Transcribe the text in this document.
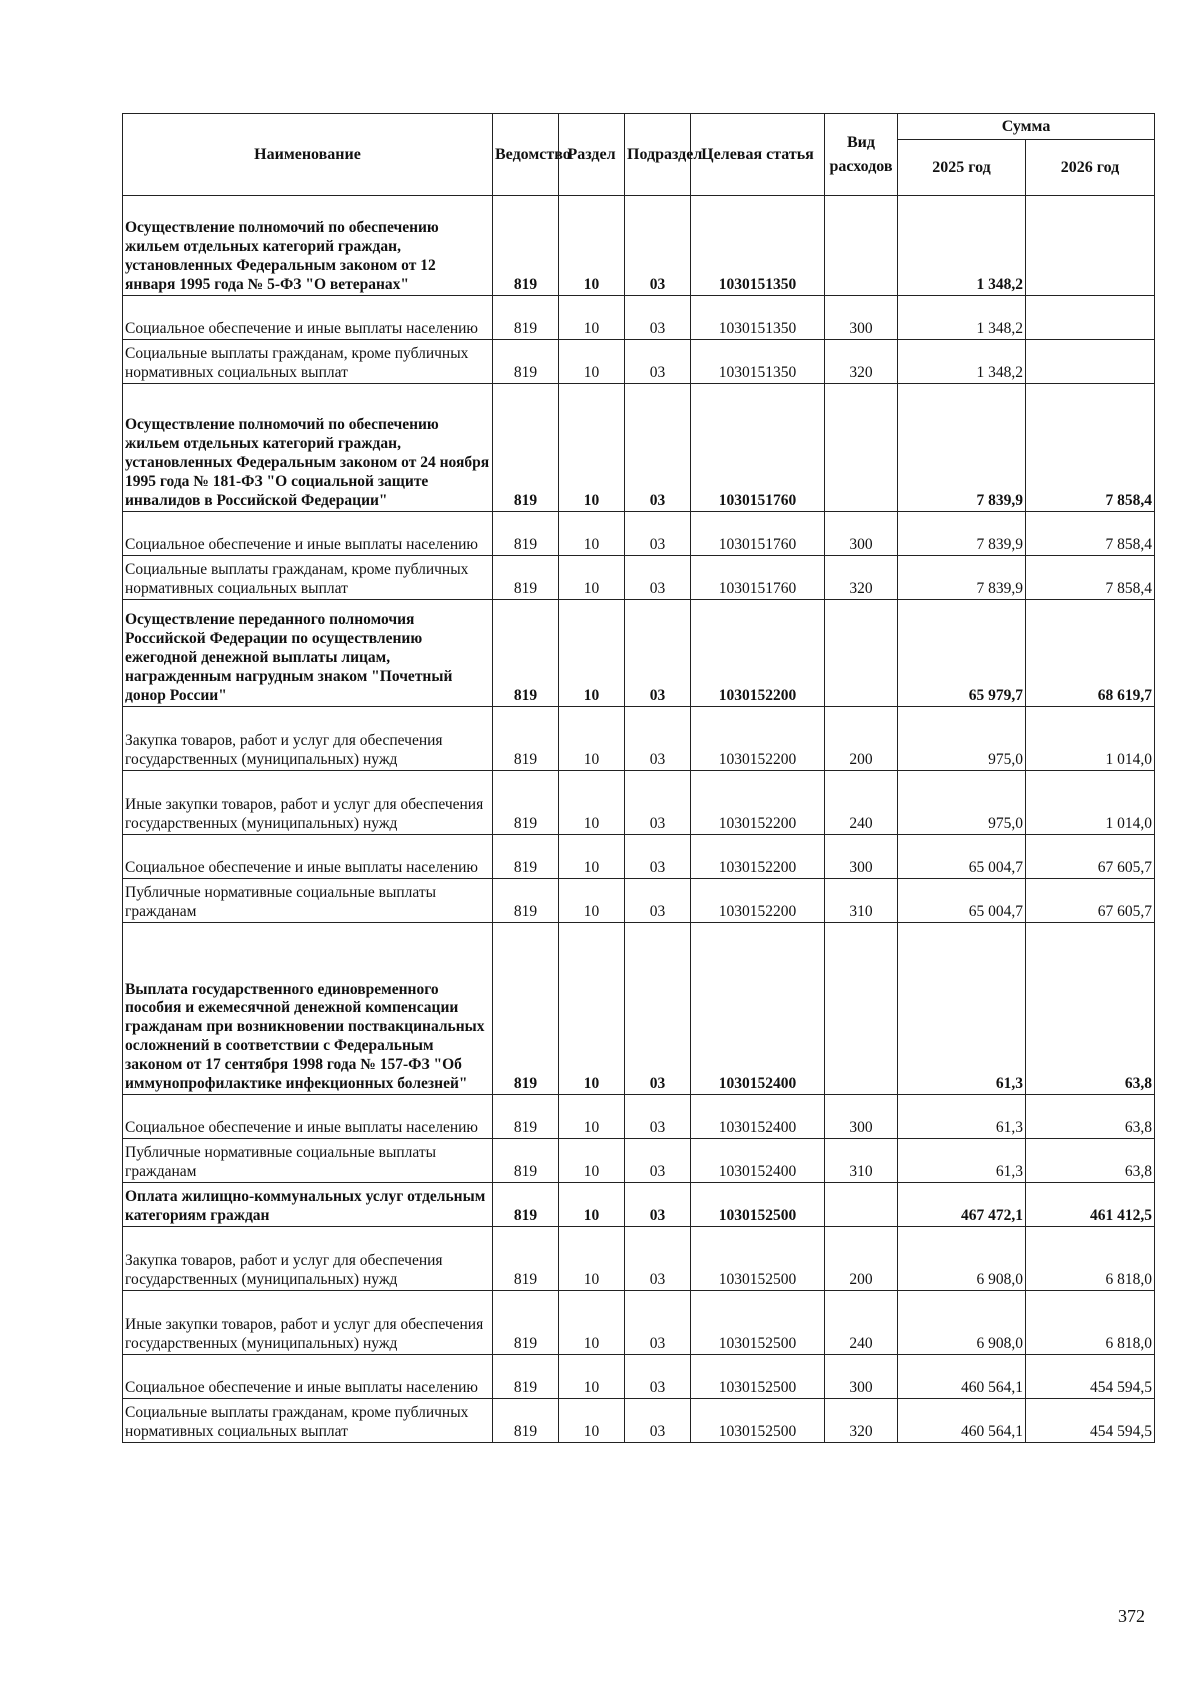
Наименование	Ведомство	Раздел	Подраздел	Целевая статья	Вид расходов	Сумма	
						2025 год	2026 год
Осуществление полномочий по обеспечению жильем отдельных категорий граждан, установленных Федеральным законом от 12 января 1995 года № 5-ФЗ "О ветеранах"	819	10	03	1030151350		1 348,2	
Социальное обеспечение и иные выплаты населению	819	10	03	1030151350	300	1 348,2	
Социальные выплаты гражданам, кроме публичных нормативных социальных выплат	819	10	03	1030151350	320	1 348,2	
Осуществление полномочий по обеспечению жильем отдельных категорий граждан, установленных Федеральным законом от 24 ноября 1995 года № 181-ФЗ "О социальной защите инвалидов в Российской Федерации"	819	10	03	1030151760		7 839,9	7 858,4
Социальное обеспечение и иные выплаты населению	819	10	03	1030151760	300	7 839,9	7 858,4
Социальные выплаты гражданам, кроме публичных нормативных социальных выплат	819	10	03	1030151760	320	7 839,9	7 858,4
Осуществление переданного полномочия Российской Федерации по осуществлению ежегодной денежной выплаты лицам, награжденным нагрудным знаком "Почетный донор России"	819	10	03	1030152200		65 979,7	68 619,7
Закупка товаров, работ и услуг для обеспечения государственных (муниципальных) нужд	819	10	03	1030152200	200	975,0	1 014,0
Иные закупки товаров, работ и услуг для обеспечения государственных (муниципальных) нужд	819	10	03	1030152200	240	975,0	1 014,0
Социальное обеспечение и иные выплаты населению	819	10	03	1030152200	300	65 004,7	67 605,7
Публичные нормативные социальные выплаты гражданам	819	10	03	1030152200	310	65 004,7	67 605,7
Выплата государственного единовременного пособия и ежемесячной денежной компенсации гражданам при возникновении поствакцинальных осложнений в соответствии с Федеральным законом от 17 сентября 1998 года № 157-ФЗ "Об иммунопрофилактике инфекционных болезней"	819	10	03	1030152400		61,3	63,8
Социальное обеспечение и иные выплаты населению	819	10	03	1030152400	300	61,3	63,8
Публичные нормативные социальные выплаты гражданам	819	10	03	1030152400	310	61,3	63,8
Оплата жилищно-коммунальных услуг отдельным категориям граждан	819	10	03	1030152500		467 472,1	461 412,5
Закупка товаров, работ и услуг для обеспечения государственных (муниципальных) нужд	819	10	03	1030152500	200	6 908,0	6 818,0
Иные закупки товаров, работ и услуг для обеспечения государственных (муниципальных) нужд	819	10	03	1030152500	240	6 908,0	6 818,0
Социальное обеспечение и иные выплаты населению	819	10	03	1030152500	300	460 564,1	454 594,5
Социальные выплаты гражданам, кроме публичных нормативных социальных выплат	819	10	03	1030152500	320	460 564,1	454 594,5
372
